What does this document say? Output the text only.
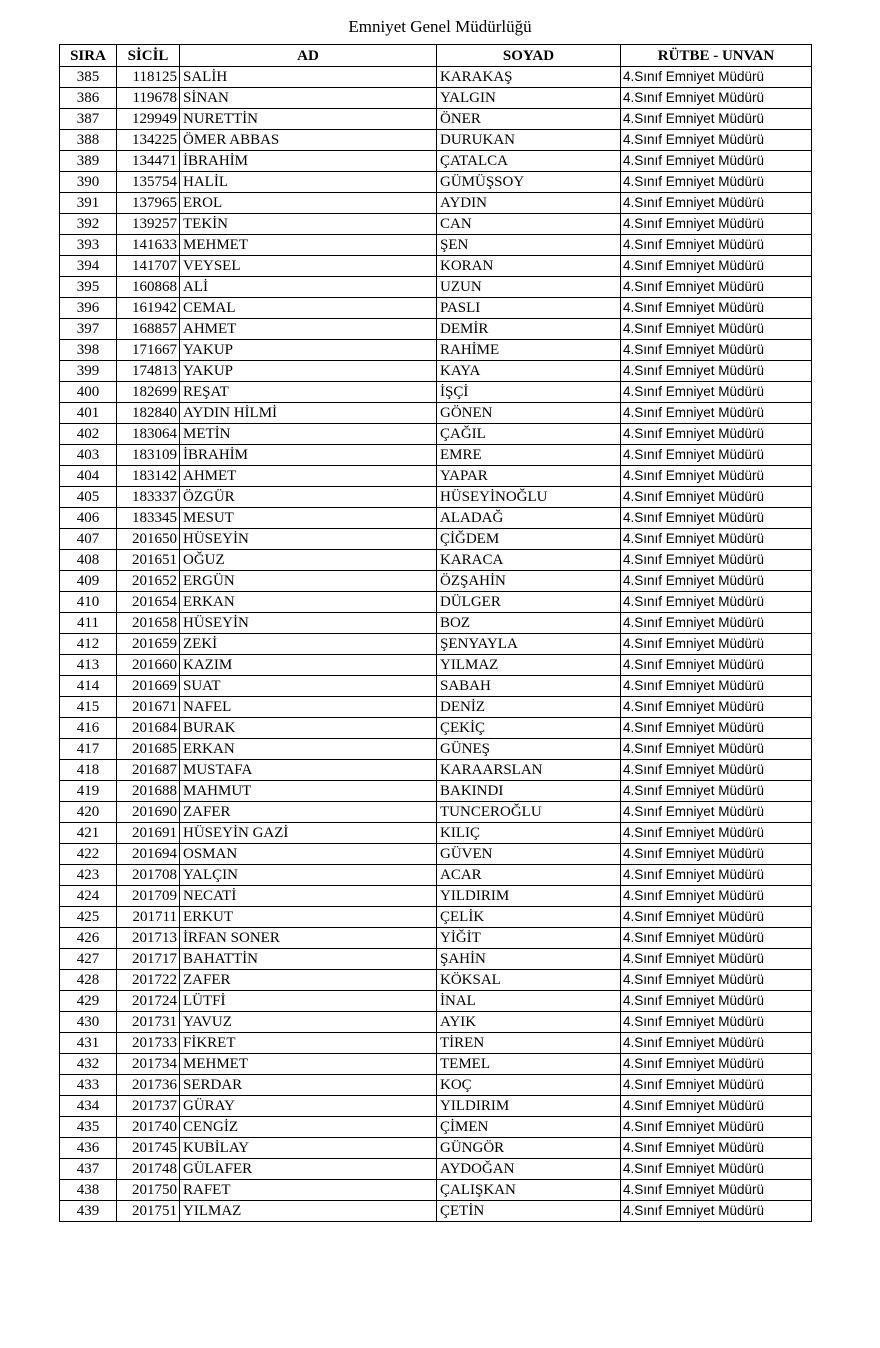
Emniyet Genel Müdürlüğü
SIRA	SİCİL	AD	SOYAD	RÜTBE - UNVAN
385	118125	SALİH	KARAKAŞ	4.Sınıf Emniyet Müdürü
386	119678	SİNAN	YALGIN	4.Sınıf Emniyet Müdürü
387	129949	NURETTİN	ÖNER	4.Sınıf Emniyet Müdürü
388	134225	ÖMER ABBAS	DURUKAN	4.Sınıf Emniyet Müdürü
389	134471	İBRAHİM	ÇATALCA	4.Sınıf Emniyet Müdürü
390	135754	HALİL	GÜMÜŞSOY	4.Sınıf Emniyet Müdürü
391	137965	EROL	AYDIN	4.Sınıf Emniyet Müdürü
392	139257	TEKİN	CAN	4.Sınıf Emniyet Müdürü
393	141633	MEHMET	ŞEN	4.Sınıf Emniyet Müdürü
394	141707	VEYSEL	KORAN	4.Sınıf Emniyet Müdürü
395	160868	ALİ	UZUN	4.Sınıf Emniyet Müdürü
396	161942	CEMAL	PASLI	4.Sınıf Emniyet Müdürü
397	168857	AHMET	DEMİR	4.Sınıf Emniyet Müdürü
398	171667	YAKUP	RAHİME	4.Sınıf Emniyet Müdürü
399	174813	YAKUP	KAYA	4.Sınıf Emniyet Müdürü
400	182699	REŞAT	İŞÇİ	4.Sınıf Emniyet Müdürü
401	182840	AYDIN HİLMİ	GÖNEN	4.Sınıf Emniyet Müdürü
402	183064	METİN	ÇAĞIL	4.Sınıf Emniyet Müdürü
403	183109	İBRAHİM	EMRE	4.Sınıf Emniyet Müdürü
404	183142	AHMET	YAPAR	4.Sınıf Emniyet Müdürü
405	183337	ÖZGÜR	HÜSEYİNOĞLU	4.Sınıf Emniyet Müdürü
406	183345	MESUT	ALADAĞ	4.Sınıf Emniyet Müdürü
407	201650	HÜSEYİN	ÇİĞDEM	4.Sınıf Emniyet Müdürü
408	201651	OĞUZ	KARACA	4.Sınıf Emniyet Müdürü
409	201652	ERGÜN	ÖZŞAHİN	4.Sınıf Emniyet Müdürü
410	201654	ERKAN	DÜLGER	4.Sınıf Emniyet Müdürü
411	201658	HÜSEYİN	BOZ	4.Sınıf Emniyet Müdürü
412	201659	ZEKİ	ŞENYAYLA	4.Sınıf Emniyet Müdürü
413	201660	KAZIM	YILMAZ	4.Sınıf Emniyet Müdürü
414	201669	SUAT	SABAH	4.Sınıf Emniyet Müdürü
415	201671	NAFEL	DENİZ	4.Sınıf Emniyet Müdürü
416	201684	BURAK	ÇEKİÇ	4.Sınıf Emniyet Müdürü
417	201685	ERKAN	GÜNEŞ	4.Sınıf Emniyet Müdürü
418	201687	MUSTAFA	KARAARSLAN	4.Sınıf Emniyet Müdürü
419	201688	MAHMUT	BAKINDI	4.Sınıf Emniyet Müdürü
420	201690	ZAFER	TUNCEROĞLU	4.Sınıf Emniyet Müdürü
421	201691	HÜSEYİN GAZİ	KILIÇ	4.Sınıf Emniyet Müdürü
422	201694	OSMAN	GÜVEN	4.Sınıf Emniyet Müdürü
423	201708	YALÇIN	ACAR	4.Sınıf Emniyet Müdürü
424	201709	NECATİ	YILDIRIM	4.Sınıf Emniyet Müdürü
425	201711	ERKUT	ÇELİK	4.Sınıf Emniyet Müdürü
426	201713	İRFAN SONER	YİĞİT	4.Sınıf Emniyet Müdürü
427	201717	BAHATTİN	ŞAHİN	4.Sınıf Emniyet Müdürü
428	201722	ZAFER	KÖKSAL	4.Sınıf Emniyet Müdürü
429	201724	LÜTFİ	İNAL	4.Sınıf Emniyet Müdürü
430	201731	YAVUZ	AYIK	4.Sınıf Emniyet Müdürü
431	201733	FİKRET	TİREN	4.Sınıf Emniyet Müdürü
432	201734	MEHMET	TEMEL	4.Sınıf Emniyet Müdürü
433	201736	SERDAR	KOÇ	4.Sınıf Emniyet Müdürü
434	201737	GÜRAY	YILDIRIM	4.Sınıf Emniyet Müdürü
435	201740	CENGİZ	ÇİMEN	4.Sınıf Emniyet Müdürü
436	201745	KUBİLAY	GÜNGÖR	4.Sınıf Emniyet Müdürü
437	201748	GÜLAFER	AYDOĞAN	4.Sınıf Emniyet Müdürü
438	201750	RAFET	ÇALIŞKAN	4.Sınıf Emniyet Müdürü
439	201751	YILMAZ	ÇETİN	4.Sınıf Emniyet Müdürü
